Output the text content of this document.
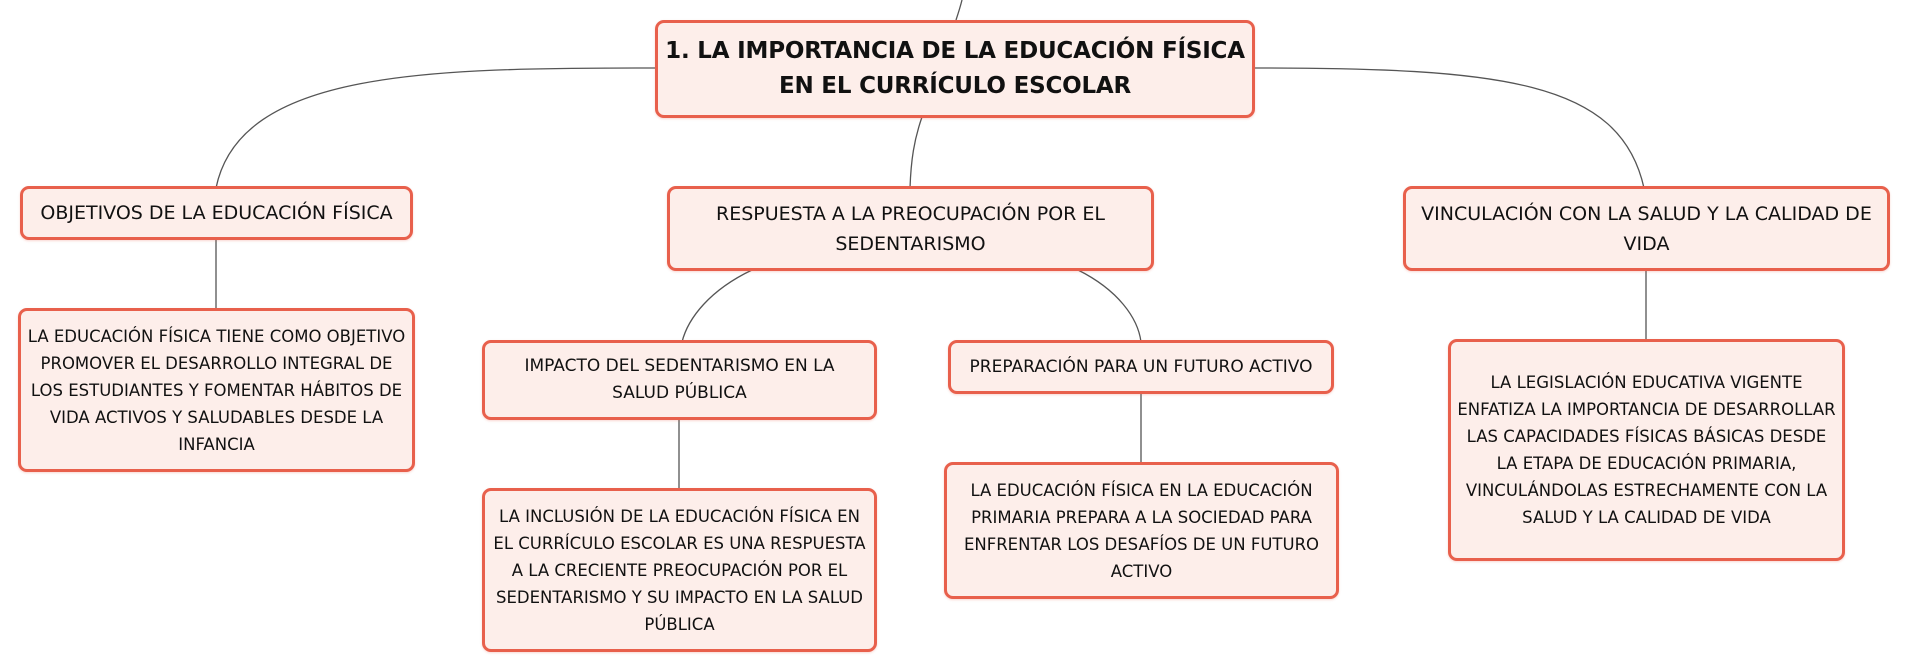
1. LA IMPORTANCIA DE LA EDUCACIÓN FÍSICA EN EL CURRÍCULO ESCOLAR
OBJETIVOS DE LA EDUCACIÓN FÍSICA	RESPUESTA A LA PREOCUPACIÓN POR EL SEDENTARISMO
VINCULACIÓN CON LA SALUD Y LA CALIDAD DE VIDA
LA EDUCACIÓN FÍSICA TIENE COMO OBJETIVO PROMOVER EL DESARROLLO INTEGRAL DE LOS ESTUDIANTES Y FOMENTAR HÁBITOS DE VIDA ACTIVOS Y SALUDABLES DESDE LA INFANCIA
IMPACTO DEL SEDENTARISMO EN LA SALUD PÚBLICA
PREPARACIÓN PARA UN FUTURO ACTIVO
LA INCLUSIÓN DE LA EDUCACIÓN FÍSICA EN EL CURRÍCULO ESCOLAR ES UNA RESPUESTA A LA CRECIENTE PREOCUPACIÓN POR EL SEDENTARISMO Y SU IMPACTO EN LA SALUD PÚBLICA
LA EDUCACIÓN FÍSICA EN LA EDUCACIÓN PRIMARIA PREPARA A LA SOCIEDAD PARA ENFRENTAR LOS DESAFÍOS DE UN FUTURO ACTIVO
LA LEGISLACIÓN EDUCATIVA VIGENTE ENFATIZA LA IMPORTANCIA DE DESARROLLAR LAS CAPACIDADES FÍSICAS BÁSICAS DESDE LA ETAPA DE EDUCACIÓN PRIMARIA, VINCULÁNDOLAS ESTRECHAMENTE CON LA SALUD Y LA CALIDAD DE VIDA
